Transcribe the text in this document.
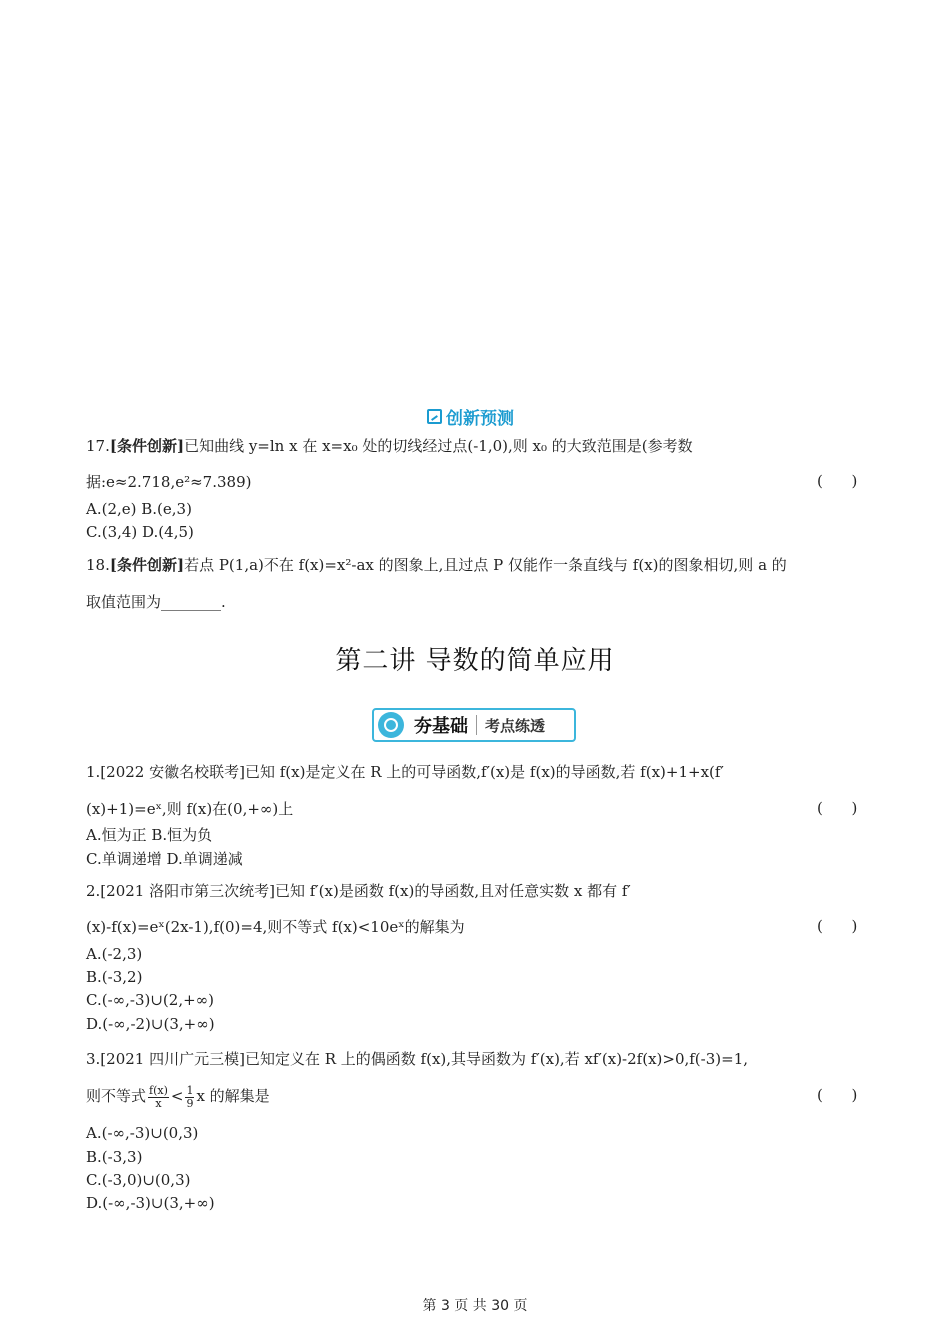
创新预测
17.[条件创新]已知曲线 y=ln x 在 x=x₀ 处的切线经过点(-1,0),则 x₀ 的大致范围是(参考数
据:e≈2.718,e²≈7.389)	(      )
A.(2,e) B.(e,3)
C.(3,4) D.(4,5)
18.[条件创新]若点 P(1,a)不在 f(x)=x²-ax 的图象上,且过点 P 仅能作一条直线与 f(x)的图象相切,则 a 的
取值范围为________.
第二讲 导数的简单应用
夯基础 考点练透
1.[2022 安徽名校联考]已知 f(x)是定义在 R 上的可导函数,f′(x)是 f(x)的导函数,若 f(x)+1+x(f′
(x)+1)=eˣ,则 f(x)在(0,+∞)上	(      )
A.恒为正 B.恒为负
C.单调递增 D.单调递减
2.[2021 洛阳市第三次统考]已知 f′(x)是函数 f(x)的导函数,且对任意实数 x 都有 f′
(x)-f(x)=eˣ(2x-1),f(0)=4,则不等式 f(x)<10eˣ的解集为	(      )
A.(-2,3)
B.(-3,2)
C.(-∞,-3)∪(2,+∞)
D.(-∞,-2)∪(3,+∞)
3.[2021 四川广元三模]已知定义在 R 上的偶函数 f(x),其导函数为 f′(x),若 xf′(x)-2f(x)>0,f(-3)=1,
则不等式 $\frac{f(x)}{x} < \frac{1}{9}$ x 的解集是	(      )
A.(-∞,-3)∪(0,3)
B.(-3,3)
C.(-3,0)∪(0,3)
D.(-∞,-3)∪(3,+∞)
第 3 页 共 30 页
